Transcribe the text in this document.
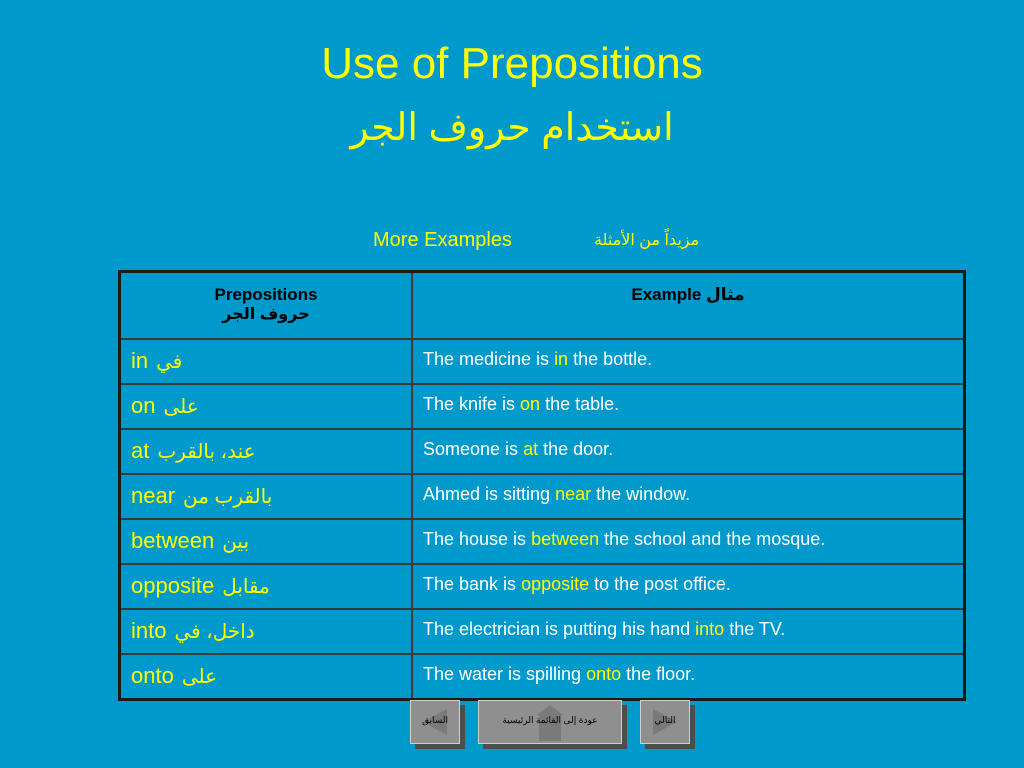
Use of Prepositions
استخدام حروف الجر
More Examples	مزيداً من الأمثلة
Prepositions
حروف الجر	Example مثال
in في	The medicine is in the bottle.
on على	The knife is on the table.
at عند، بالقرب	Someone is at the door.
near بالقرب من	Ahmed is sitting near the window.
between بين	The house is between the school and the mosque.
opposite مقابل	The bank is opposite to the post office.
into داخل، في	The electrician is putting his hand into the TV.
onto على	The water is spilling onto the floor.
السابق	عودة إلى القائمة الرئيسية	التالي
